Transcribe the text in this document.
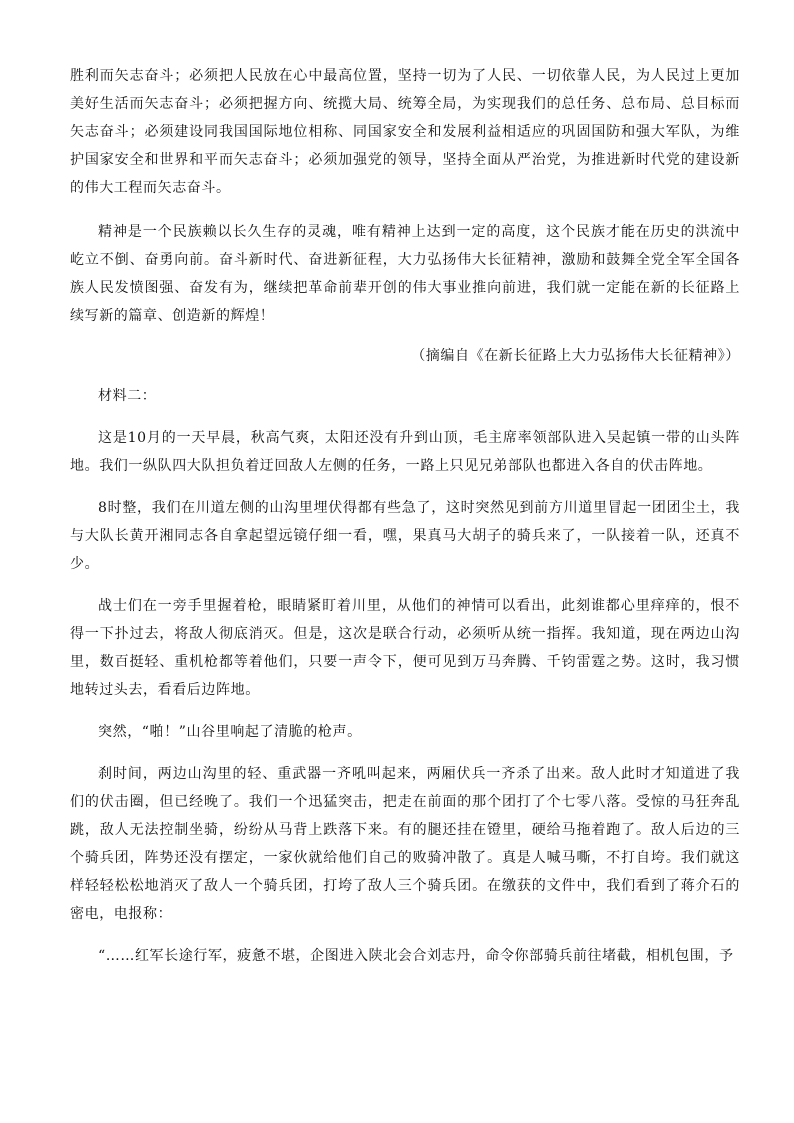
胜利而矢志奋斗；必须把人民放在心中最高位置，坚持一切为了人民、一切依靠人民，为人民过上更加美好生活而矢志奋斗；必须把握方向、统揽大局、统筹全局，为实现我们的总任务、总布局、总目标而矢志奋斗；必须建设同我国国际地位相称、同国家安全和发展利益相适应的巩固国防和强大军队，为维护国家安全和世界和平而矢志奋斗；必须加强党的领导，坚持全面从严治党，为推进新时代党的建设新的伟大工程而矢志奋斗。

精神是一个民族赖以长久生存的灵魂，唯有精神上达到一定的高度，这个民族才能在历史的洪流中屹立不倒、奋勇向前。奋斗新时代、奋进新征程，大力弘扬伟大长征精神，激励和鼓舞全党全军全国各族人民发愤图强、奋发有为，继续把革命前辈开创的伟大事业推向前进，我们就一定能在新的长征路上续写新的篇章、创造新的辉煌！

（摘编自《在新长征路上大力弘扬伟大长征精神》）
材料二：

这是10月的一天早晨，秋高气爽，太阳还没有升到山顶，毛主席率领部队进入吴起镇一带的山头阵地。我们一纵队四大队担负着迂回敌人左侧的任务，一路上只见兄弟部队也都进入各自的伏击阵地。

8时整，我们在川道左侧的山沟里埋伏得都有些急了，这时突然见到前方川道里冒起一团团尘土，我与大队长黄开湘同志各自拿起望远镜仔细一看，嘿，果真马大胡子的骑兵来了，一队接着一队，还真不少。

战士们在一旁手里握着枪，眼睛紧盯着川里，从他们的神情可以看出，此刻谁都心里痒痒的，恨不得一下扑过去，将敌人彻底消灭。但是，这次是联合行动，必须听从统一指挥。我知道，现在两边山沟里，数百挺轻、重机枪都等着他们，只要一声令下，便可见到万马奔腾、千钧雷霆之势。这时，我习惯地转过头去，看看后边阵地。

突然，“啪！”山谷里响起了清脆的枪声。

刹时间，两边山沟里的轻、重武器一齐吼叫起来，两厢伏兵一齐杀了出来。敌人此时才知道进了我们的伏击圈，但已经晚了。我们一个迅猛突击，把走在前面的那个团打了个七零八落。受惊的马狂奔乱跳，敌人无法控制坐骑，纷纷从马背上跌落下来。有的腿还挂在镫里，硬给马拖着跑了。敌人后边的三个骑兵团，阵势还没有摆定，一家伙就给他们自己的败骑冲散了。真是人喊马嘶，不打自垮。我们就这样轻轻松松地消灭了敌人一个骑兵团，打垮了敌人三个骑兵团。在缴获的文件中，我们看到了蒋介石的密电，电报称：

“……红军长途行军，疲惫不堪，企图进入陕北会合刘志丹，命令你部骑兵前往堵截，相机包围，予
